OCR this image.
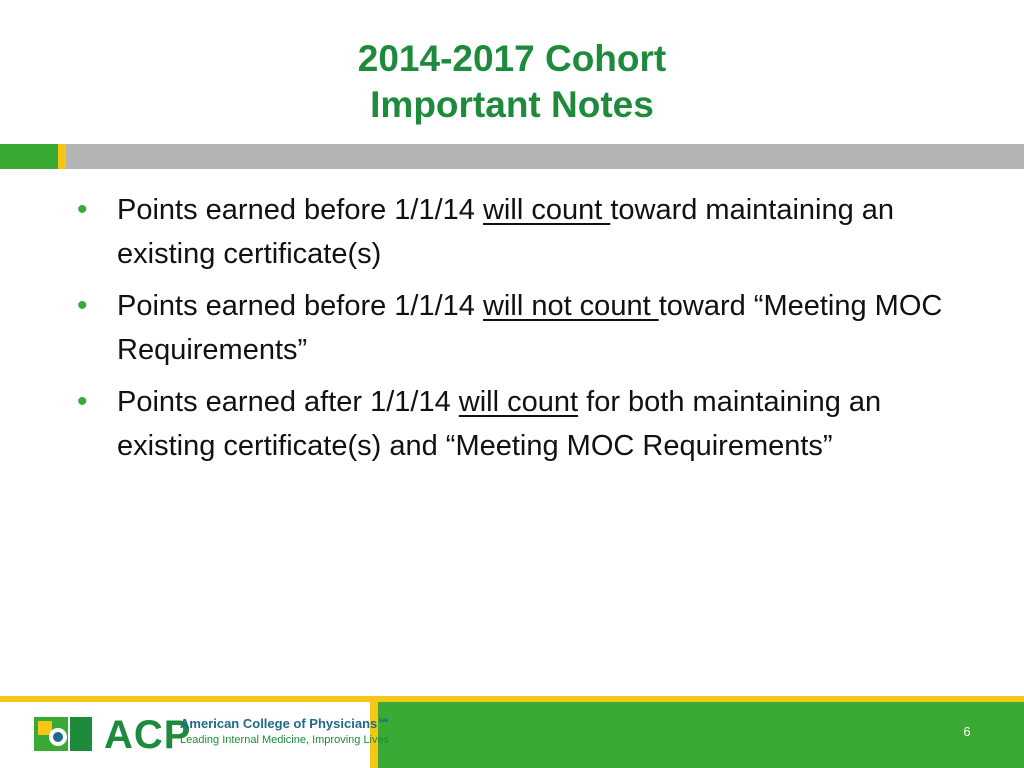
2014-2017 Cohort
Important Notes
• Points earned before 1/1/14 will count toward maintaining an existing certificate(s)
• Points earned before 1/1/14 will not count toward “Meeting MOC Requirements”
• Points earned after 1/1/14 will count for both maintaining an existing certificate(s) and “Meeting MOC Requirements”
6
ACP
American College of Physicians℠
Leading Internal Medicine, Improving Lives
